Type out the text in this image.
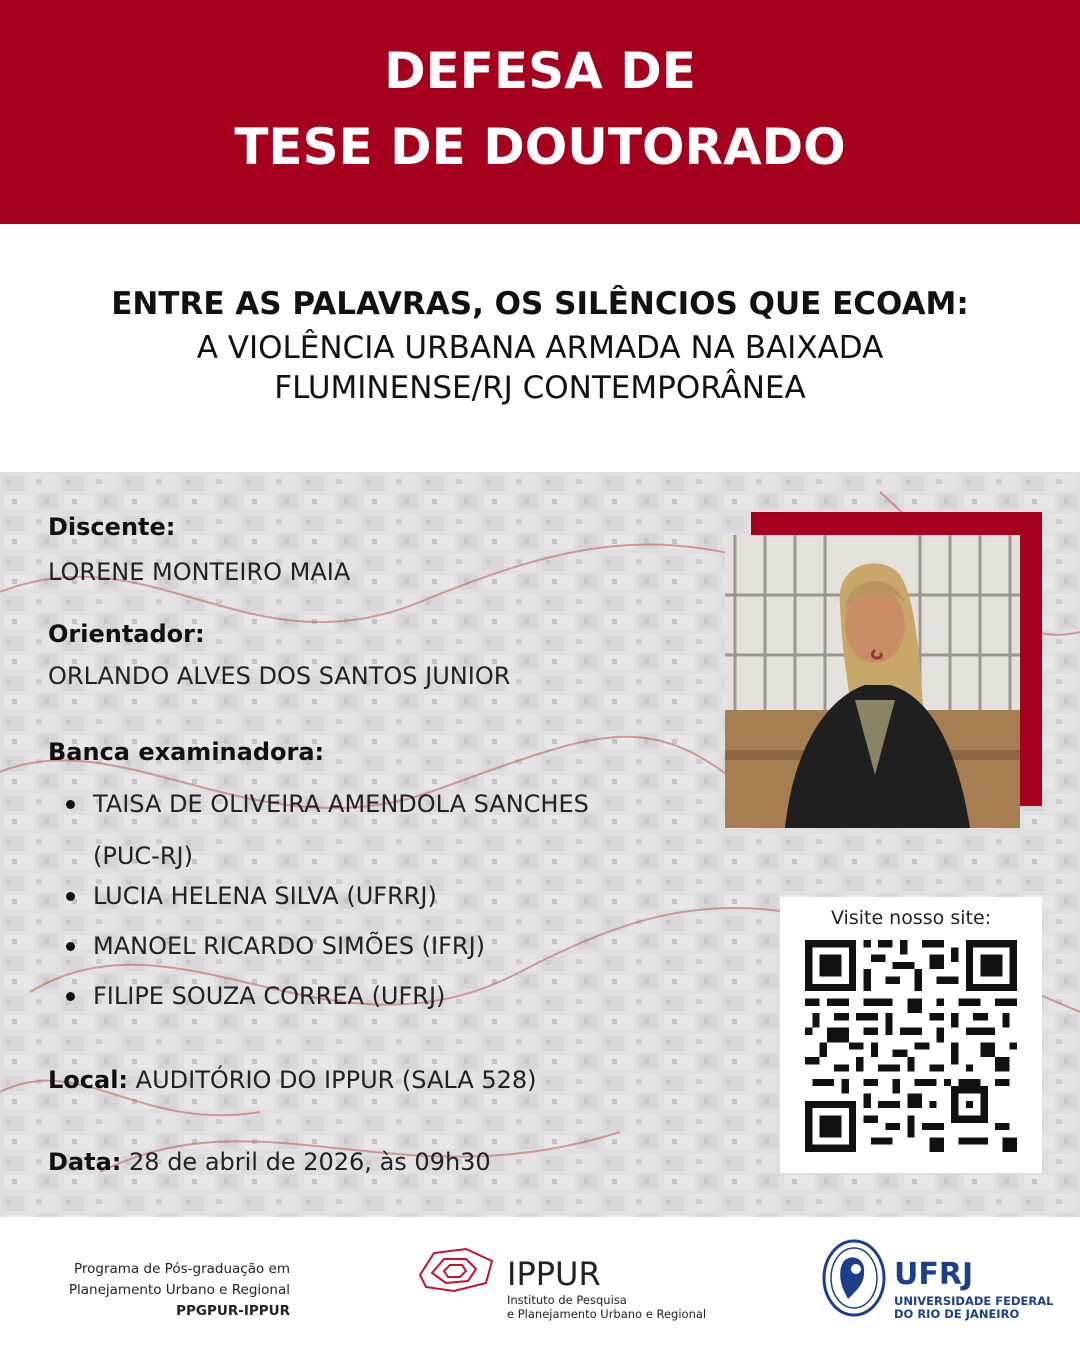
DEFESA DE
TESE DE DOUTORADO
ENTRE AS PALAVRAS, OS SILÊNCIOS QUE ECOAM:
A VIOLÊNCIA URBANA ARMADA NA BAIXADA
FLUMINENSE/RJ CONTEMPORÂNEA
Discente:
LORENE MONTEIRO MAIA
Orientador:
ORLANDO ALVES DOS SANTOS JUNIOR
Banca examinadora:
TAISA DE OLIVEIRA AMENDOLA SANCHES (PUC-RJ)
LUCIA HELENA SILVA (UFRRJ)
MANOEL RICARDO SIMÕES (IFRJ)
FILIPE SOUZA CORREA (UFRJ)
Local: AUDITÓRIO DO IPPUR (SALA 528)
Data: 28 de abril de 2026, às 09h30
Visite nosso site:
Programa de Pós-graduação em
Planejamento Urbano e Regional
PPGPUR-IPPUR
IPPUR
Instituto de Pesquisa
e Planejamento Urbano e Regional
UFRJ
UNIVERSIDADE FEDERAL
DO RIO DE JANEIRO
